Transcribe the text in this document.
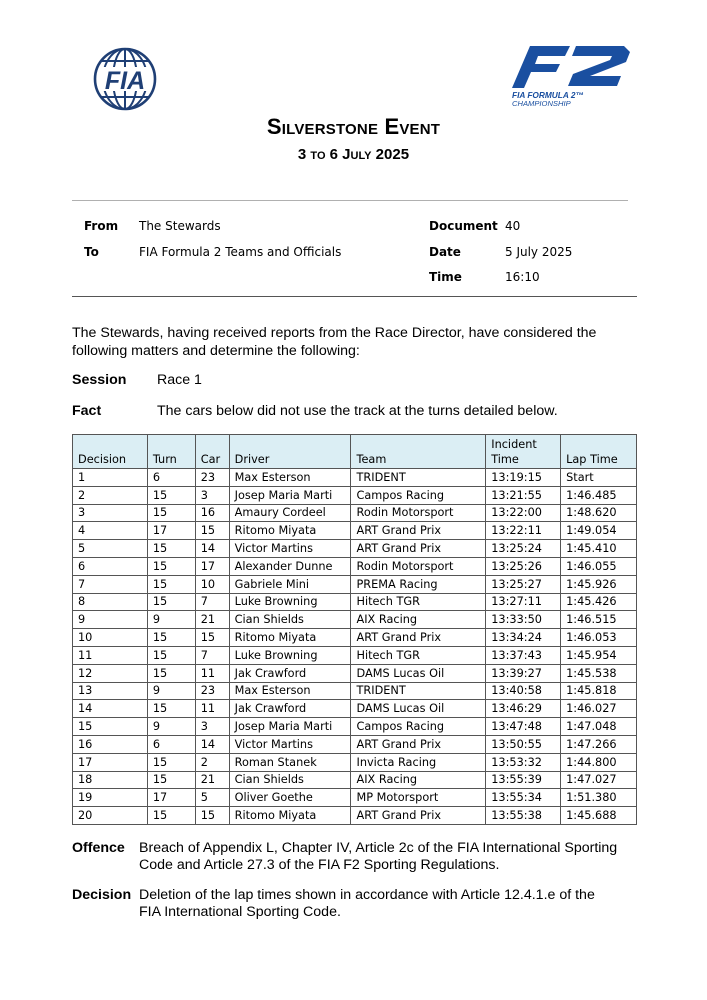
FIA	FIA FORMULA 2™
CHAMPIONSHIP
Silverstone Event
3 to 6 July 2025
From The Stewards
To	FIA Formula 2 Teams and Officials
Document 40
Date	5 July 2025
Time	16:10

The Stewards, having received reports from the Race Director, have considered the following matters and determine the following:

Session Race 1
Fact	The cars below did not use the track at the turns detailed below.
Decision	Turn	Car	Driver	Team	Incident Time	Lap Time
1	6	23	Max Esterson	TRIDENT	13:19:15	Start
2	15	3	Josep Maria Marti	Campos Racing	13:21:55	1:46.485
3	15	16	Amaury Cordeel	Rodin Motorsport	13:22:00	1:48.620
4	17	15	Ritomo Miyata	ART Grand Prix	13:22:11	1:49.054
5	15	14	Victor Martins	ART Grand Prix	13:25:24	1:45.410
6	15	17	Alexander Dunne	Rodin Motorsport	13:25:26	1:46.055
7	15	10	Gabriele Mini	PREMA Racing	13:25:27	1:45.926
8	15	7	Luke Browning	Hitech TGR	13:27:11	1:45.426
9	9	21	Cian Shields	AIX Racing	13:33:50	1:46.515
10	15	15	Ritomo Miyata	ART Grand Prix	13:34:24	1:46.053
11	15	7	Luke Browning	Hitech TGR	13:37:43	1:45.954
12	15	11	Jak Crawford	DAMS Lucas Oil	13:39:27	1:45.538
13	9	23	Max Esterson	TRIDENT	13:40:58	1:45.818
14	15	11	Jak Crawford	DAMS Lucas Oil	13:46:29	1:46.027
15	9	3	Josep Maria Marti	Campos Racing	13:47:48	1:47.048
16	6	14	Victor Martins	ART Grand Prix	13:50:55	1:47.266
17	15	2	Roman Stanek	Invicta Racing	13:53:32	1:44.800
18	15	21	Cian Shields	AIX Racing	13:55:39	1:47.027
19	17	5	Oliver Goethe	MP Motorsport	13:55:34	1:51.380
20	15	15	Ritomo Miyata	ART Grand Prix	13:55:38	1:45.688
Offence Breach of Appendix L, Chapter IV, Article 2c of the FIA International Sporting Code and Article 27.3 of the FIA F2 Sporting Regulations.
Decision Deletion of the lap times shown in accordance with Article 12.4.1.e of the FIA International Sporting Code.
